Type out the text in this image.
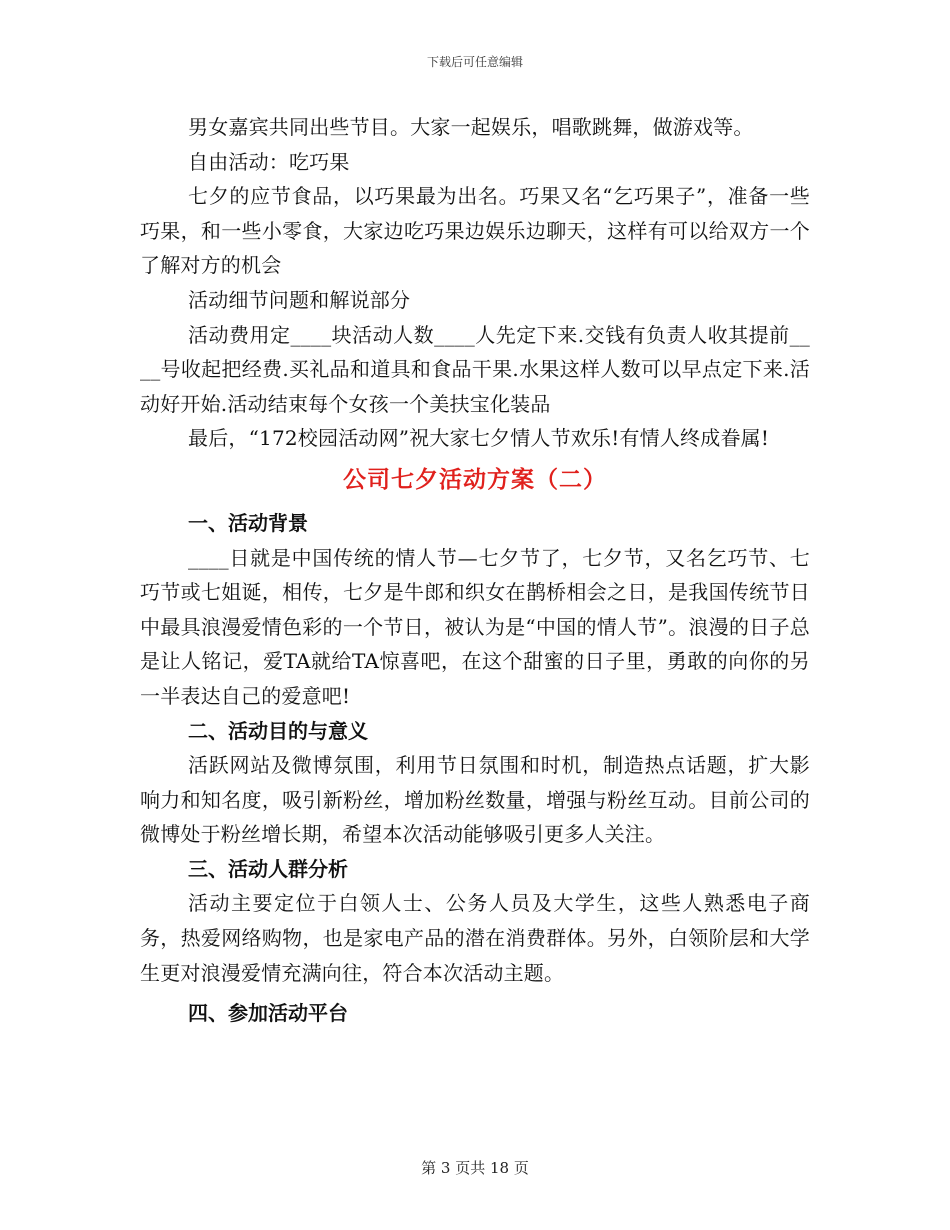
下载后可任意编辑

男女嘉宾共同出些节目。大家一起娱乐，唱歌跳舞，做游戏等。

自由活动：吃巧果

七夕的应节食品，以巧果最为出名。巧果又名“乞巧果子”，准备一些巧果，和一些小零食，大家边吃巧果边娱乐边聊天，这样有可以给双方一个了解对方的机会

活动细节问题和解说部分

活动费用定____块活动人数____人先定下来.交钱有负责人收其提前____号收起把经费.买礼品和道具和食品干果.水果这样人数可以早点定下来.活动好开始.活动结束每个女孩一个美扶宝化装品

最后，“172校园活动网”祝大家七夕情人节欢乐!有情人终成眷属!

公司七夕活动方案（二）
一、活动背景

____日就是中国传统的情人节—七夕节了，七夕节，又名乞巧节、七巧节或七姐诞，相传，七夕是牛郎和织女在鹊桥相会之日，是我国传统节日中最具浪漫爱情色彩的一个节日，被认为是“中国的情人节”。浪漫的日子总是让人铭记，爱TA就给TA惊喜吧，在这个甜蜜的日子里，勇敢的向你的另一半表达自己的爱意吧!

二、活动目的与意义

活跃网站及微博氛围，利用节日氛围和时机，制造热点话题，扩大影响力和知名度，吸引新粉丝，增加粉丝数量，增强与粉丝互动。目前公司的微博处于粉丝增长期，希望本次活动能够吸引更多人关注。

三、活动人群分析

活动主要定位于白领人士、公务人员及大学生，这些人熟悉电子商务，热爱网络购物，也是家电产品的潜在消费群体。另外，白领阶层和大学生更对浪漫爱情充满向往，符合本次活动主题。

四、参加活动平台
第 3 页共 18 页
